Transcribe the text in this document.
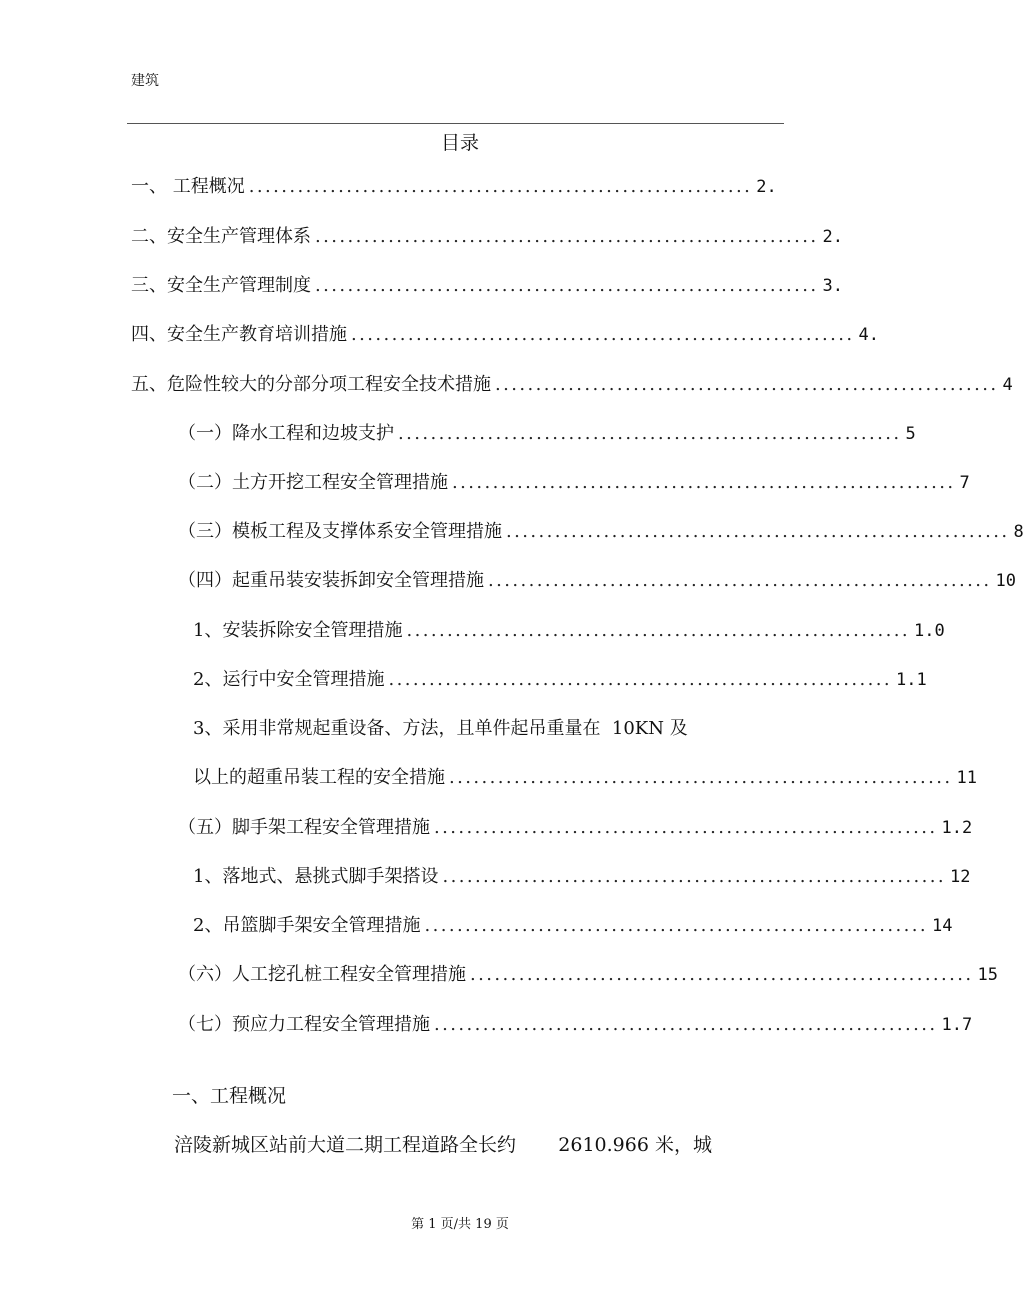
建筑
目录
一、 工程概况 .............................................................. 2.
二、安全生产管理体系 .............................................................. 2.
三、安全生产管理制度 .............................................................. 3.
四、安全生产教育培训措施 .............................................................. 4.
五、危险性较大的分部分项工程安全技术措施 .............................................................. 4
（一）降水工程和边坡支护 .............................................................. 5
（二）土方开挖工程安全管理措施 .............................................................. 7
（三）模板工程及支撑体系安全管理措施 .............................................................. 8
（四）起重吊装安装拆卸安全管理措施 .............................................................. 10
1、安装拆除安全管理措施 .............................................................. 1.0
2、运行中安全管理措施 .............................................................. 1.1
3、采用非常规起重设备、方法，且单件起吊重量在  10KN 及
以上的超重吊装工程的安全措施 .............................................................. 11
（五）脚手架工程安全管理措施 .............................................................. 1.2
1、落地式、悬挑式脚手架搭设 .............................................................. 12
2、吊篮脚手架安全管理措施 .............................................................. 14
（六）人工挖孔桩工程安全管理措施 .............................................................. 15
（七）预应力工程安全管理措施 .............................................................. 1.7
一、工程概况
涪陵新城区站前大道二期工程道路全长约       2610.966 米，城
第 1 页/共 19 页
